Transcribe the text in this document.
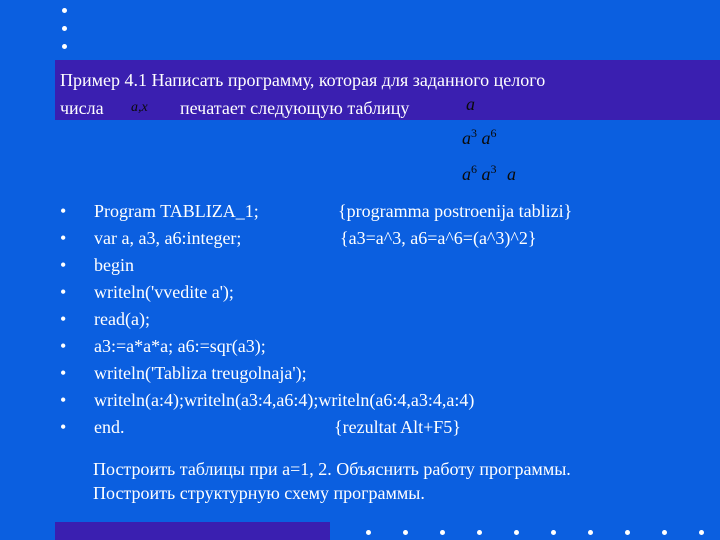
Пример 4.1 Написать программу, которая для заданного целого
числа a,x печатает следующую таблицу	a
$a^3$ $a^6$
$a^6$ $a^3$ a
•	Program TABLIZA_1;	{programma postroenija tablizi}
•	var a, a3, a6:integer;	{a3=a^3, a6=a^6=(a^3)^2}
•	begin
•	writeln('vvedite a');
•	read(a);
•	a3:=a*a*a; a6:=sqr(a3);
•	writeln('Tabliza treugolnaja');
•	writeln(a:4);writeln(a3:4,a6:4);writeln(a6:4,a3:4,a:4)
•	end.	{rezultat Alt+F5}
Построить таблицы при a=1, 2. Объяснить работу программы.
Построить структурную схему программы.
